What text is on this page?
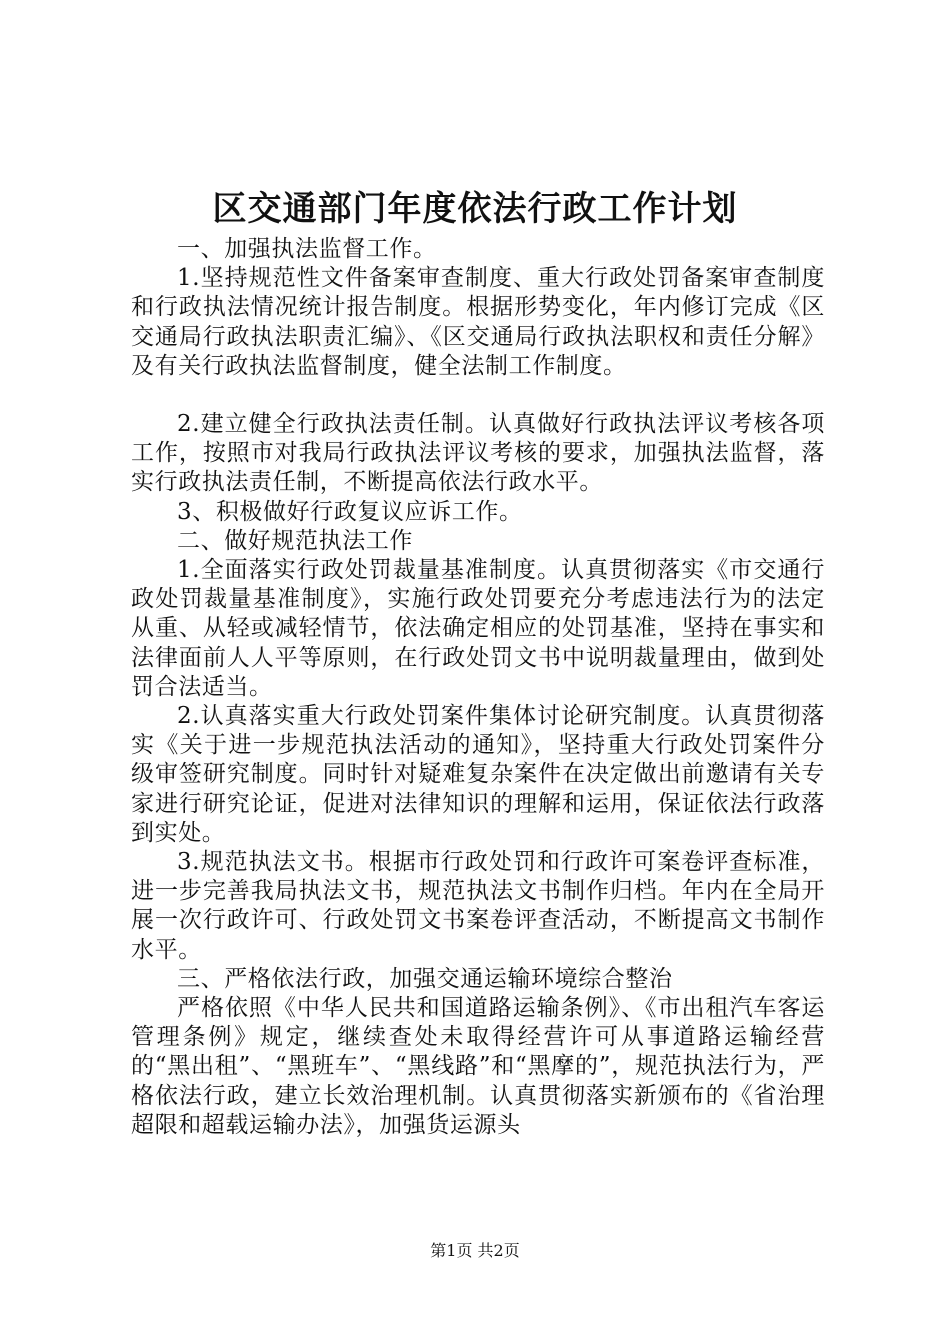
区交通部门年度依法行政工作计划

一、加强执法监督工作。

1.坚持规范性文件备案审查制度、重大行政处罚备案审查制度和行政执法情况统计报告制度。根据形势变化，年内修订完成《区交通局行政执法职责汇编》、《区交通局行政执法职权和责任分解》及有关行政执法监督制度，健全法制工作制度。

2.建立健全行政执法责任制。认真做好行政执法评议考核各项工作，按照市对我局行政执法评议考核的要求，加强执法监督，落实行政执法责任制，不断提高依法行政水平。

3、积极做好行政复议应诉工作。

二、做好规范执法工作

1.全面落实行政处罚裁量基准制度。认真贯彻落实《市交通行政处罚裁量基准制度》，实施行政处罚要充分考虑违法行为的法定从重、从轻或减轻情节，依法确定相应的处罚基准，坚持在事实和法律面前人人平等原则，在行政处罚文书中说明裁量理由，做到处罚合法适当。

2.认真落实重大行政处罚案件集体讨论研究制度。认真贯彻落实《关于进一步规范执法活动的通知》，坚持重大行政处罚案件分级审签研究制度。同时针对疑难复杂案件在决定做出前邀请有关专家进行研究论证，促进对法律知识的理解和运用，保证依法行政落到实处。

3.规范执法文书。根据市行政处罚和行政许可案卷评查标准，进一步完善我局执法文书，规范执法文书制作归档。年内在全局开展一次行政许可、行政处罚文书案卷评查活动，不断提高文书制作水平。

三、严格依法行政，加强交通运输环境综合整治

严格依照《中华人民共和国道路运输条例》、《市出租汽车客运管理条例》规定，继续查处未取得经营许可从事道路运输经营的“黑出租”、“黑班车”、“黑线路”和“黑摩的”，规范执法行为，严格依法行政，建立长效治理机制。认真贯彻落实新颁布的《省治理超限和超载运输办法》，加强货运源头

第1页 共2页
